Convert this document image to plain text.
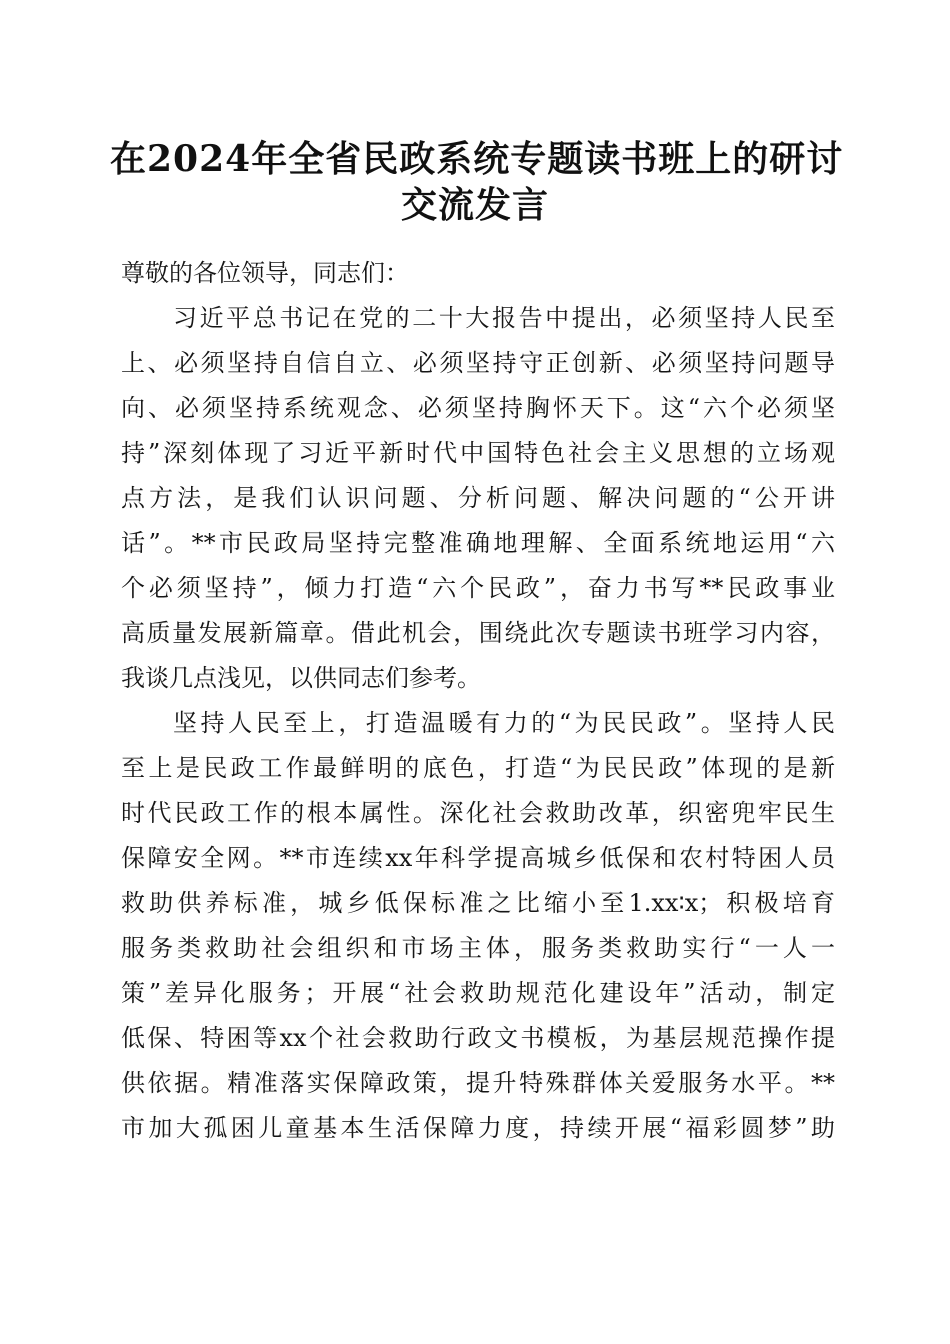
在2024年全省民政系统专题读书班上的研讨
交流发言

尊敬的各位领导，同志们：

习近平总书记在党的二十大报告中提出，必须坚持人民至
上、必须坚持自信自立、必须坚持守正创新、必须坚持问题导
向、必须坚持系统观念、必须坚持胸怀天下。这“六个必须坚
持”深刻体现了习近平新时代中国特色社会主义思想的立场观
点方法，是我们认识问题、分析问题、解决问题的“公开讲
话”。**市民政局坚持完整准确地理解、全面系统地运用“六
个必须坚持”，倾力打造“六个民政”，奋力书写**民政事业
高质量发展新篇章。借此机会，围绕此次专题读书班学习内容，
我谈几点浅见，以供同志们参考。

坚持人民至上，打造温暖有力的“为民民政”。坚持人民
至上是民政工作最鲜明的底色，打造“为民民政”体现的是新
时代民政工作的根本属性。深化社会救助改革，织密兜牢民生
保障安全网。**市连续xx年科学提高城乡低保和农村特困人员
救助供养标准，城乡低保标准之比缩小至1.xx∶x；积极培育
服务类救助社会组织和市场主体，服务类救助实行“一人一
策”差异化服务；开展“社会救助规范化建设年”活动，制定
低保、特困等xx个社会救助行政文书模板，为基层规范操作提
供依据。精准落实保障政策，提升特殊群体关爱服务水平。**
市加大孤困儿童基本生活保障力度，持续开展“福彩圆梦”助
